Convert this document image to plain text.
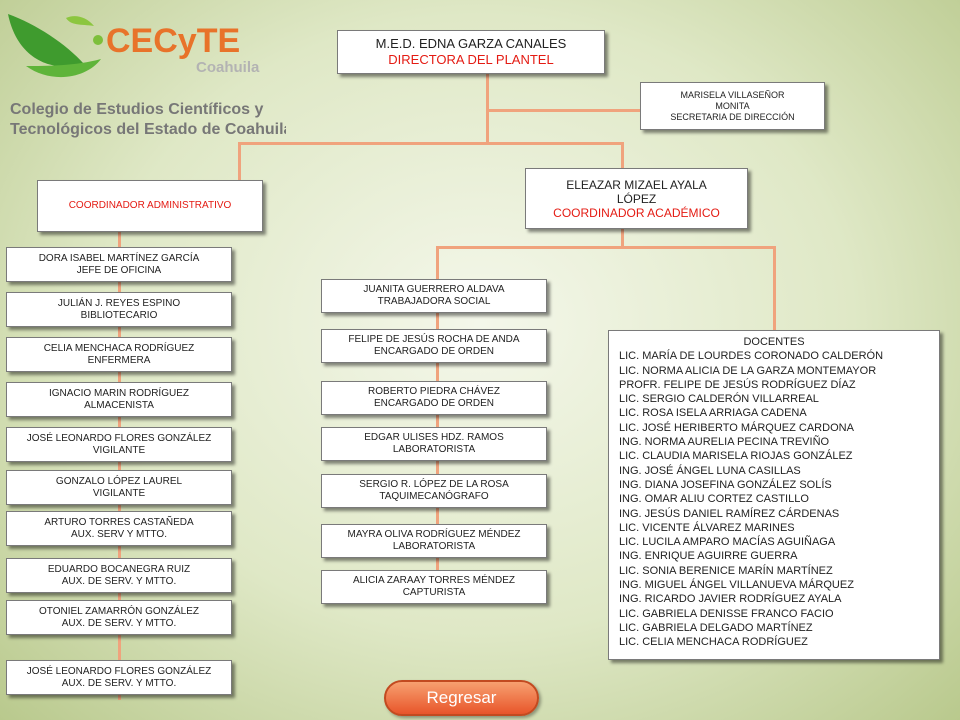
CECyTE
Coahuila
Colegio de Estudios Científicos y
Tecnológicos del Estado de Coahuila
M.E.D. EDNA GARZA CANALES
DIRECTORA DEL PLANTEL
MARISELA VILLASEÑOR
MONITA
SECRETARIA DE DIRECCIÓN
COORDINADOR ADMINISTRATIVO
ELEAZAR MIZAEL AYALA
LÓPEZ
COORDINADOR ACADÉMICO
DORA ISABEL MARTÍNEZ GARCÍA
JEFE DE OFICINA
JULIÁN J. REYES ESPINO
BIBLIOTECARIO
CELIA MENCHACA RODRÍGUEZ
ENFERMERA
IGNACIO MARIN RODRÍGUEZ
ALMACENISTA
JOSÉ LEONARDO FLORES GONZÁLEZ
VIGILANTE
GONZALO LÓPEZ LAUREL
VIGILANTE
ARTURO TORRES CASTAÑEDA
AUX. SERV Y MTTO.
EDUARDO BOCANEGRA RUIZ
AUX. DE SERV. Y MTTO.
OTONIEL ZAMARRÓN GONZÁLEZ
AUX. DE SERV. Y MTTO.
JOSÉ LEONARDO FLORES GONZÁLEZ
AUX. DE SERV. Y MTTO.
JUANITA GUERRERO ALDAVA
TRABAJADORA SOCIAL
FELIPE DE JESÚS ROCHA DE ANDA
ENCARGADO DE ORDEN
ROBERTO PIEDRA CHÁVEZ
ENCARGADO DE ORDEN
EDGAR ULISES HDZ. RAMOS
LABORATORISTA
SERGIO R. LÓPEZ DE LA ROSA
TAQUIMECANÓGRAFO
MAYRA OLIVA RODRÍGUEZ MÉNDEZ
LABORATORISTA
ALICIA ZARAAY TORRES MÉNDEZ
CAPTURISTA
DOCENTES
LIC. MARÍA DE LOURDES CORONADO CALDERÓN
LIC. NORMA ALICIA DE LA GARZA MONTEMAYOR
PROFR. FELIPE DE JESÚS RODRÍGUEZ DÍAZ
LIC. SERGIO CALDERÓN VILLARREAL
LIC. ROSA ISELA ARRIAGA CADENA
LIC. JOSÉ HERIBERTO MÁRQUEZ CARDONA
ING. NORMA AURELIA PECINA TREVIÑO
LIC. CLAUDIA MARISELA RIOJAS GONZÁLEZ
ING. JOSÉ ÁNGEL LUNA CASILLAS
ING. DIANA JOSEFINA GONZÁLEZ SOLÍS
ING. OMAR ALIU CORTEZ CASTILLO
ING. JESÚS DANIEL RAMÍREZ CÁRDENAS
LIC. VICENTE ÁLVAREZ MARINES
LIC. LUCILA AMPARO MACÍAS AGUIÑAGA
ING. ENRIQUE AGUIRRE GUERRA
LIC. SONIA BERENICE MARÍN MARTÍNEZ
ING. MIGUEL ÁNGEL VILLANUEVA MÁRQUEZ
ING. RICARDO JAVIER RODRÍGUEZ AYALA
LIC. GABRIELA DENISSE FRANCO FACIO
LIC. GABRIELA DELGADO MARTÍNEZ
LIC. CELIA MENCHACA RODRÍGUEZ
Regresar
